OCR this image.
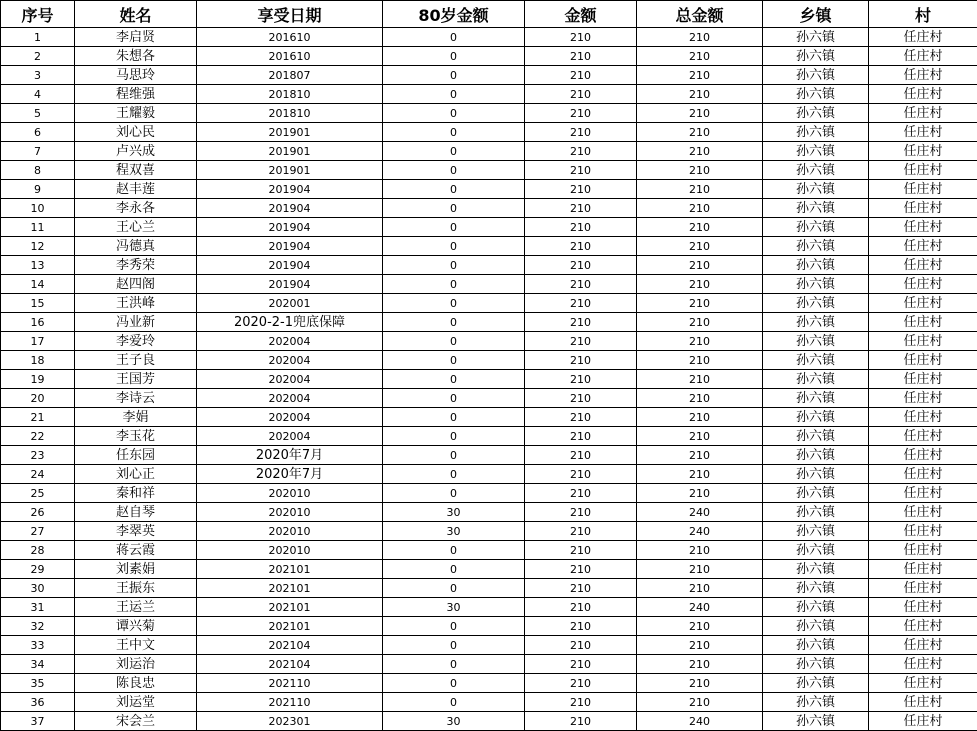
序号	姓名	享受日期	80岁金额	金额	总金额	乡镇	村
1	李启贤	201610	0	210	210	孙六镇	任庄村
2	朱想各	201610	0	210	210	孙六镇	任庄村
3	马思玲	201807	0	210	210	孙六镇	任庄村
4	程维强	201810	0	210	210	孙六镇	任庄村
5	王耀毅	201810	0	210	210	孙六镇	任庄村
6	刘心民	201901	0	210	210	孙六镇	任庄村
7	卢兴成	201901	0	210	210	孙六镇	任庄村
8	程双喜	201901	0	210	210	孙六镇	任庄村
9	赵丰莲	201904	0	210	210	孙六镇	任庄村
10	李永各	201904	0	210	210	孙六镇	任庄村
11	王心兰	201904	0	210	210	孙六镇	任庄村
12	冯德真	201904	0	210	210	孙六镇	任庄村
13	李秀荣	201904	0	210	210	孙六镇	任庄村
14	赵四阁	201904	0	210	210	孙六镇	任庄村
15	王洪峰	202001	0	210	210	孙六镇	任庄村
16	冯业新	2020-2-1兜底保障	0	210	210	孙六镇	任庄村
17	李爱玲	202004	0	210	210	孙六镇	任庄村
18	王子良	202004	0	210	210	孙六镇	任庄村
19	王国芳	202004	0	210	210	孙六镇	任庄村
20	李诗云	202004	0	210	210	孙六镇	任庄村
21	李娟	202004	0	210	210	孙六镇	任庄村
22	李玉花	202004	0	210	210	孙六镇	任庄村
23	任东园	2020年7月	0	210	210	孙六镇	任庄村
24	刘心正	2020年7月	0	210	210	孙六镇	任庄村
25	秦和祥	202010	0	210	210	孙六镇	任庄村
26	赵自琴	202010	30	210	240	孙六镇	任庄村
27	李翠英	202010	30	210	240	孙六镇	任庄村
28	蒋云霞	202010	0	210	210	孙六镇	任庄村
29	刘素娟	202101	0	210	210	孙六镇	任庄村
30	王振东	202101	0	210	210	孙六镇	任庄村
31	王运兰	202101	30	210	240	孙六镇	任庄村
32	谭兴菊	202101	0	210	210	孙六镇	任庄村
33	王中文	202104	0	210	210	孙六镇	任庄村
34	刘运治	202104	0	210	210	孙六镇	任庄村
35	陈良忠	202110	0	210	210	孙六镇	任庄村
36	刘运堂	202110	0	210	210	孙六镇	任庄村
37	宋会兰	202301	30	210	240	孙六镇	任庄村
